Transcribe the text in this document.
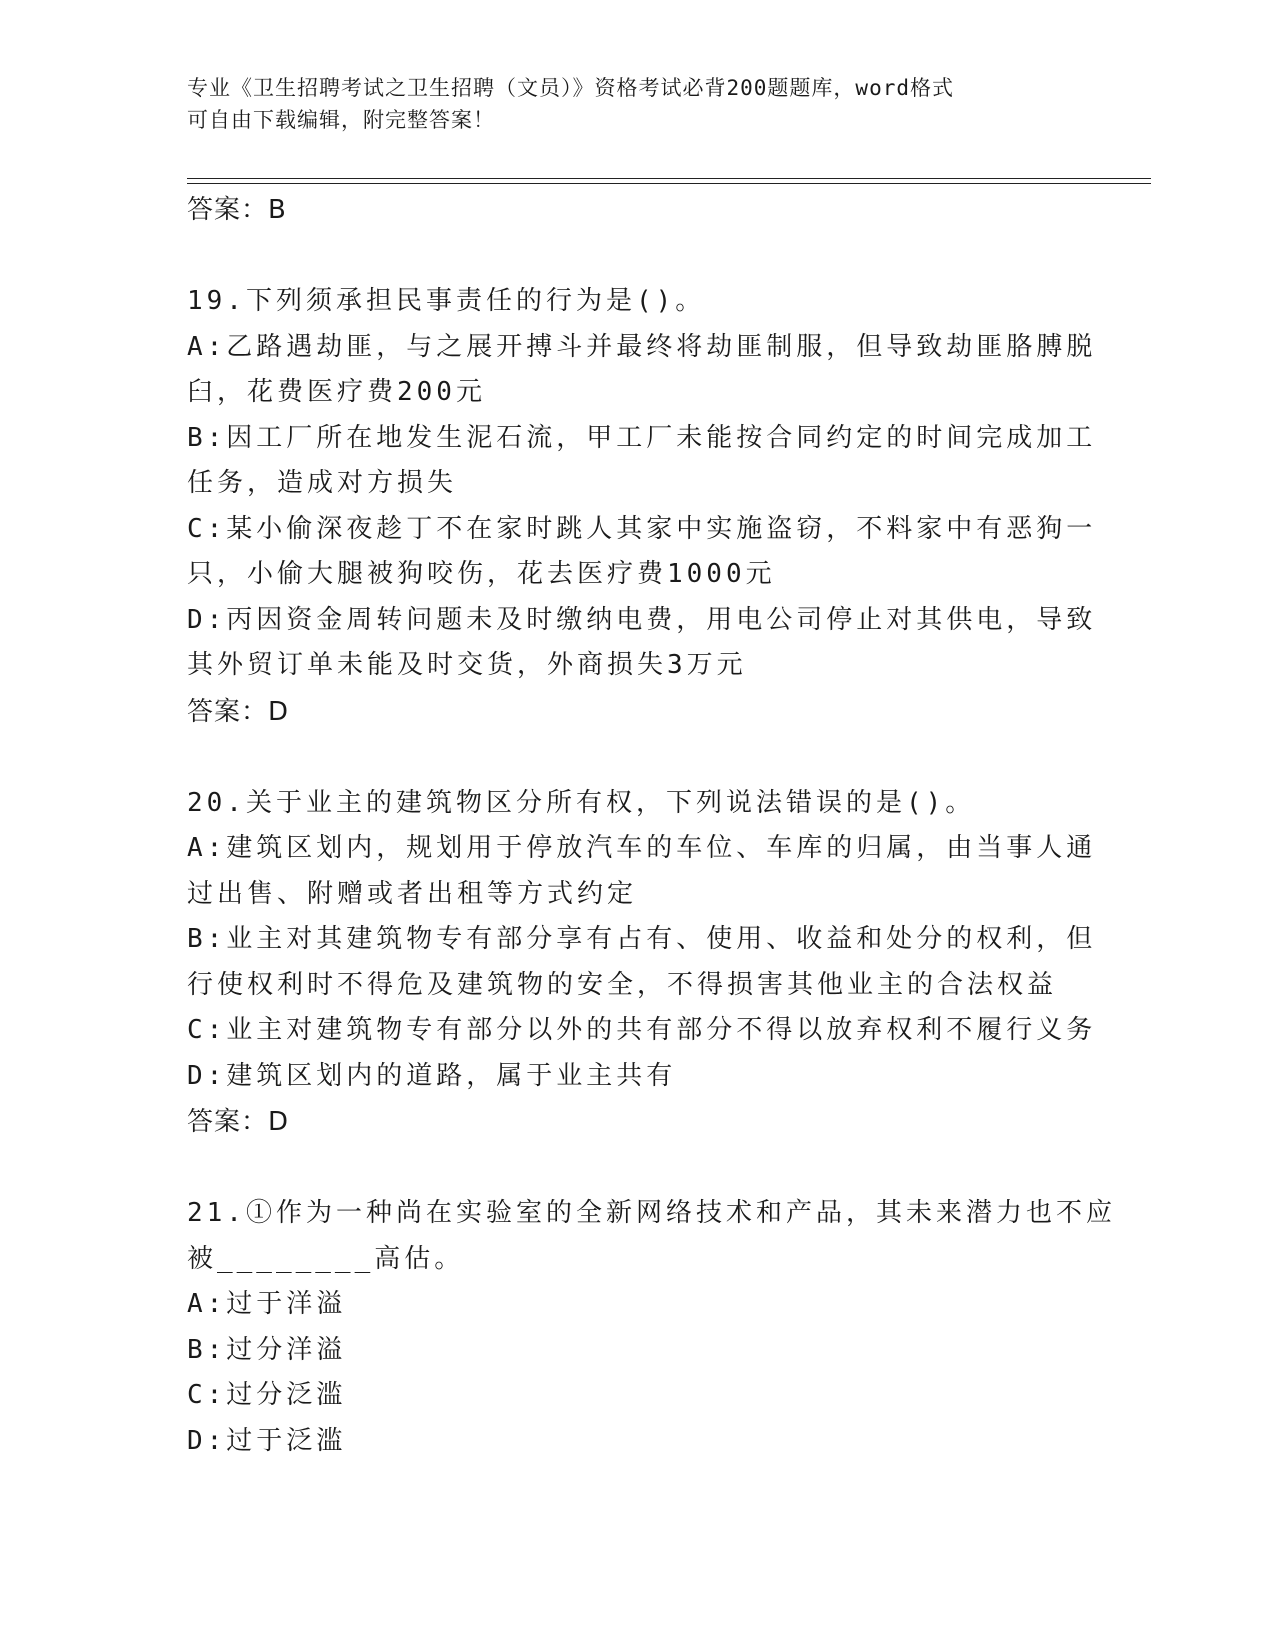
专业《卫生招聘考试之卫生招聘（文员）》资格考试必背200题题库，word格式
可自由下载编辑，附完整答案！
答案：B
19.下列须承担民事责任的行为是()。
A:乙路遇劫匪，与之展开搏斗并最终将劫匪制服，但导致劫匪胳膊脱
臼，花费医疗费200元
B:因工厂所在地发生泥石流，甲工厂未能按合同约定的时间完成加工
任务，造成对方损失
C:某小偷深夜趁丁不在家时跳人其家中实施盗窃，不料家中有恶狗一
只，小偷大腿被狗咬伤，花去医疗费1000元
D:丙因资金周转问题未及时缴纳电费，用电公司停止对其供电，导致
其外贸订单未能及时交货，外商损失3万元
答案：D
20.关于业主的建筑物区分所有权，下列说法错误的是()。
A:建筑区划内，规划用于停放汽车的车位、车库的归属，由当事人通
过出售、附赠或者出租等方式约定
B:业主对其建筑物专有部分享有占有、使用、收益和处分的权利，但
行使权利时不得危及建筑物的安全，不得损害其他业主的合法权益
C:业主对建筑物专有部分以外的共有部分不得以放弃权利不履行义务
D:建筑区划内的道路，属于业主共有
答案：D
21.①作为一种尚在实验室的全新网络技术和产品，其未来潜力也不应
被________高估。
A:过于洋溢
B:过分洋溢
C:过分泛滥
D:过于泛滥
